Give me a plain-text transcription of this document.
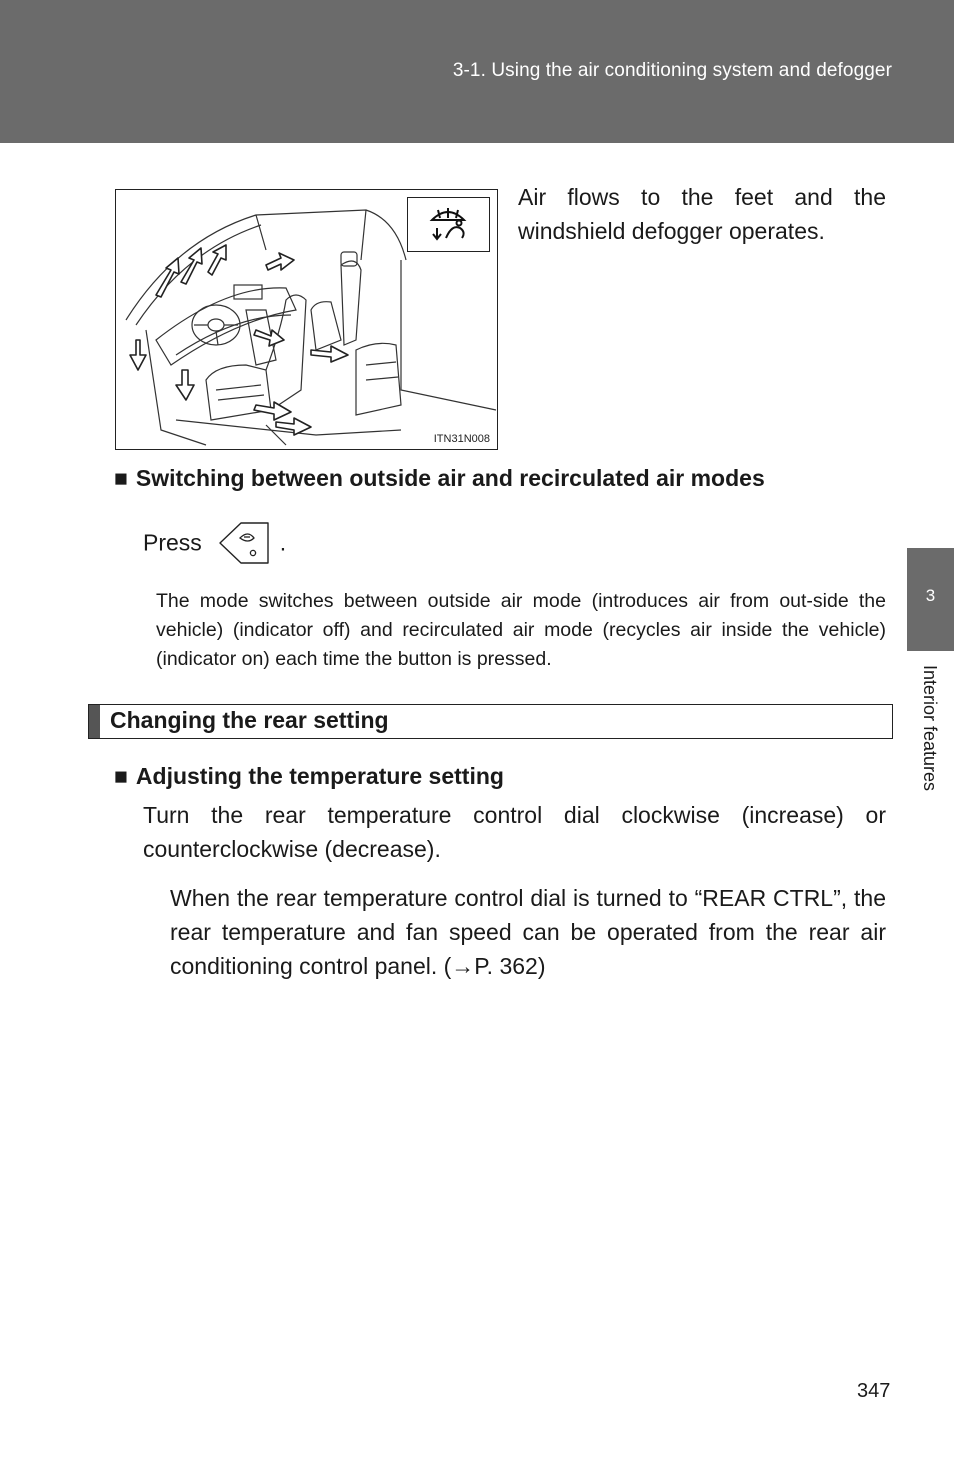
3-1. Using the air conditioning system and defogger
3
Interior features
ITN31N008
Air flows to the feet and the windshield defogger operates.
■ Switching between outside air and recirculated air modes
Press	.
The mode switches between outside air mode (introduces air from out-side the vehicle) (indicator off) and recirculated air mode (recycles air inside the vehicle) (indicator on) each time the button is pressed.
Changing the rear setting
■ Adjusting the temperature setting
Turn the rear temperature control dial clockwise (increase) or counterclockwise (decrease).
When the rear temperature control dial is turned to “REAR CTRL”, the rear temperature and fan speed can be operated from the rear air conditioning control panel. (→P. 362)
347
